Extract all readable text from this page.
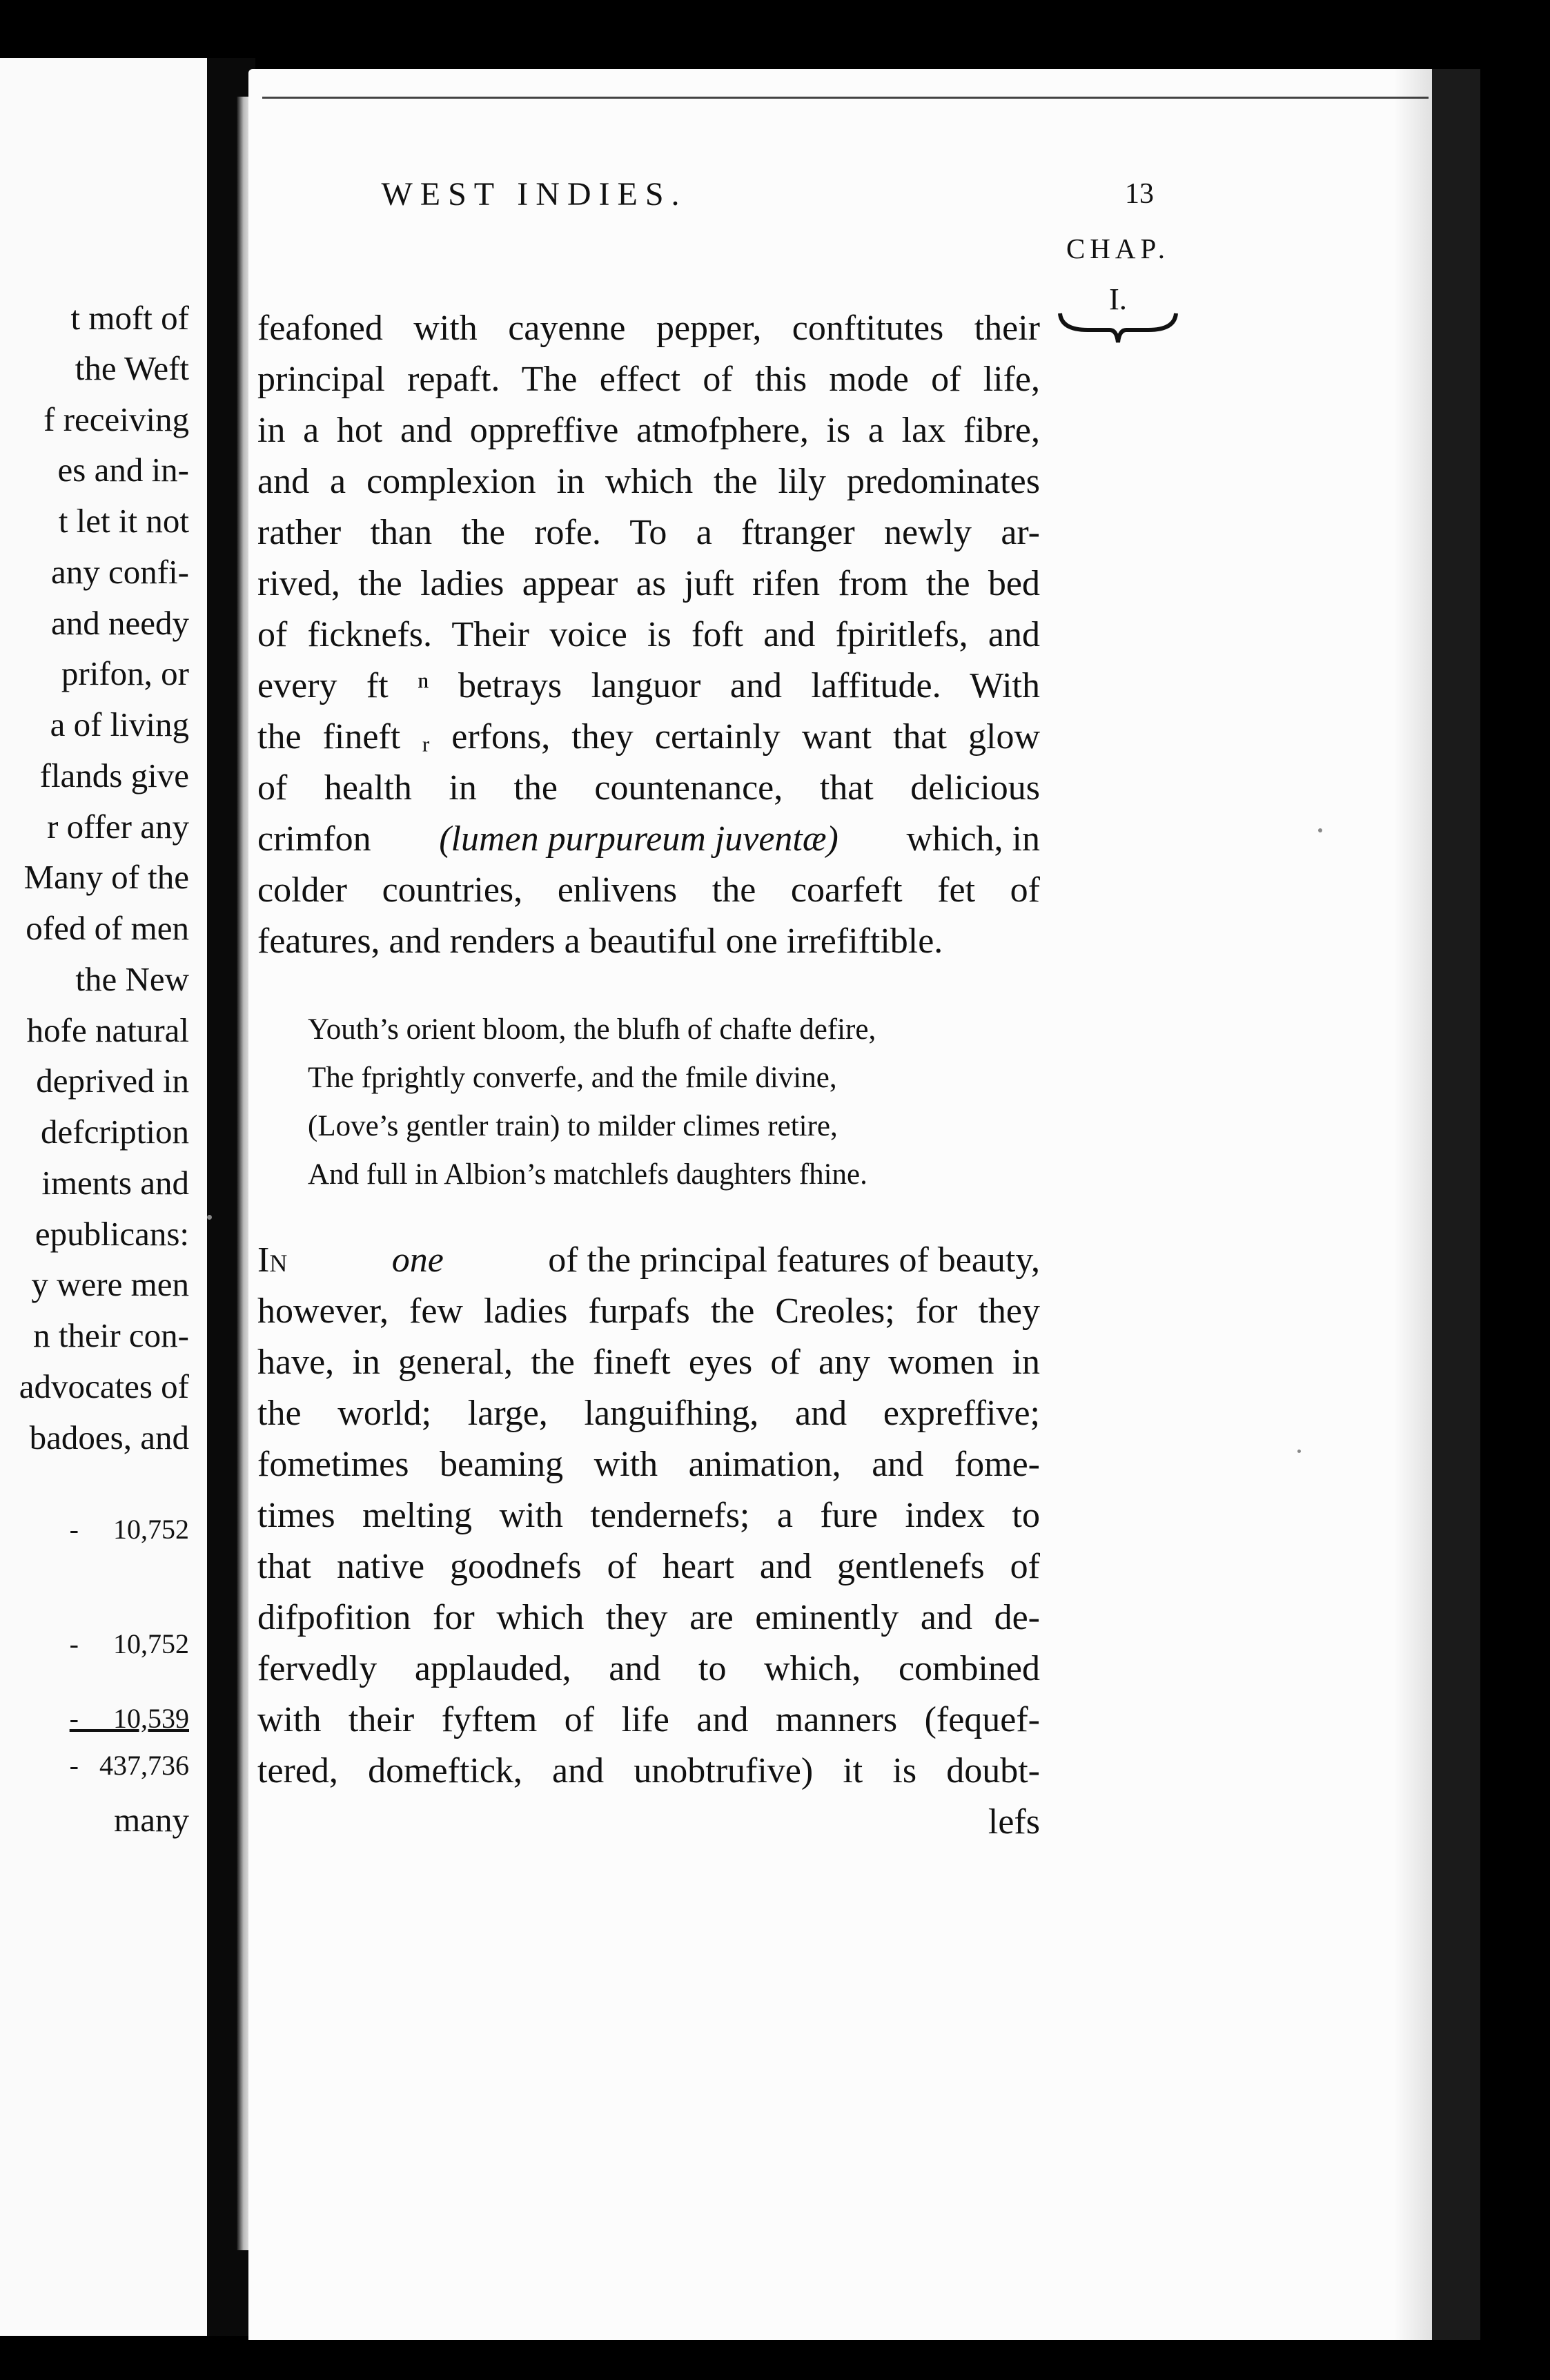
t moft of
the Weft
f receiving
es and in-
t let it not
any confi-
and needy
prifon, or
a of living
flands give
r offer any
Many of the
ofed of men
the New
hofe natural
deprived in
defcription
iments and
epublicans:
y were men
n their con-
advocates of
badoes, and
-     10,752
-     10,752
-     10,539
-   437,736
many
WEST INDIES.	13
CHAP.
I.
feafoned with cayenne pepper, conftitutes their
principal repaft. The effect of this mode of life,
in a hot and oppreffive atmofphere, is a lax fibre,
and a complexion in which the lily predominates
rather than the rofe. To a ftranger newly ar-
rived, the ladies appear as juft rifen from the bed
of ficknefs. Their voice is foft and fpiritlefs, and
every ft ⁿ betrays languor and laffitude. With
the fineft ᵣ erfons, they certainly want that glow
of health in the countenance, that delicious
crimfon (lumen purpureum juventæ) which, in
colder countries, enlivens the coarfeft fet of
features, and renders a beautiful one irrefiftible.
Youth’s orient bloom, the blufh of chafte defire,
The fprightly converfe, and the fmile divine,
(Love’s gentler train) to milder climes retire,
And full in Albion’s matchlefs daughters fhine.
In	one	of the principal features of beauty,
however, few ladies furpafs the Creoles; for they
have, in general, the fineft eyes of any women in
the world; large, languifhing, and expreffive;
fometimes beaming with animation, and fome-
times melting with tendernefs; a fure index to
that native goodnefs of heart and gentlenefs of
difpofition for which they are eminently and de-
fervedly applauded, and to which, combined
with their fyftem of life and manners (fequef-
tered, domeftick, and unobtrufive) it is doubt-
lefs
